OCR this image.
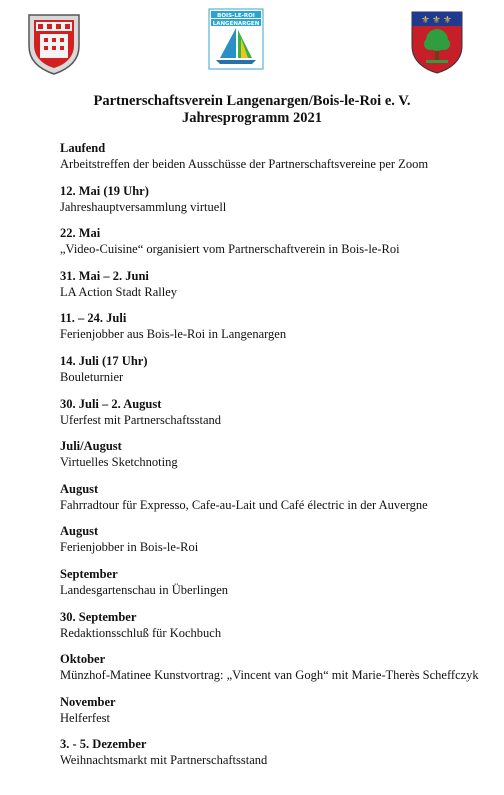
BOIS-LE-ROI
LANGENARGEN	⚜ ⚜ ⚜
Partnerschaftsverein Langenargen/Bois-le-Roi e. V.
Jahresprogramm 2021
Laufend
Arbeitstreffen der beiden Ausschüsse der Partnerschaftsvereine per Zoom
12. Mai (19 Uhr)
Jahreshauptversammlung virtuell
22. Mai
„Video-Cuisine“ organisiert vom Partnerschaftverein in Bois-le-Roi
31. Mai – 2. Juni
LA Action Stadt Ralley
11. – 24. Juli
Ferienjobber aus Bois-le-Roi in Langenargen
14. Juli (17 Uhr)
Bouleturnier
30. Juli – 2. August
Uferfest mit Partnerschaftsstand
Juli/August
Virtuelles Sketchnoting
August
Fahrradtour für Expresso, Cafe-au-Lait und Café électric in der Auvergne
August
Ferienjobber in Bois-le-Roi
September
Landesgartenschau in Überlingen
30. September
Redaktionsschluß für Kochbuch
Oktober
Münzhof-Matinee Kunstvortrag: „Vincent van Gogh“ mit Marie-Therès Scheffczyk
November
Helferfest
3. - 5. Dezember
Weihnachtsmarkt mit Partnerschaftsstand
